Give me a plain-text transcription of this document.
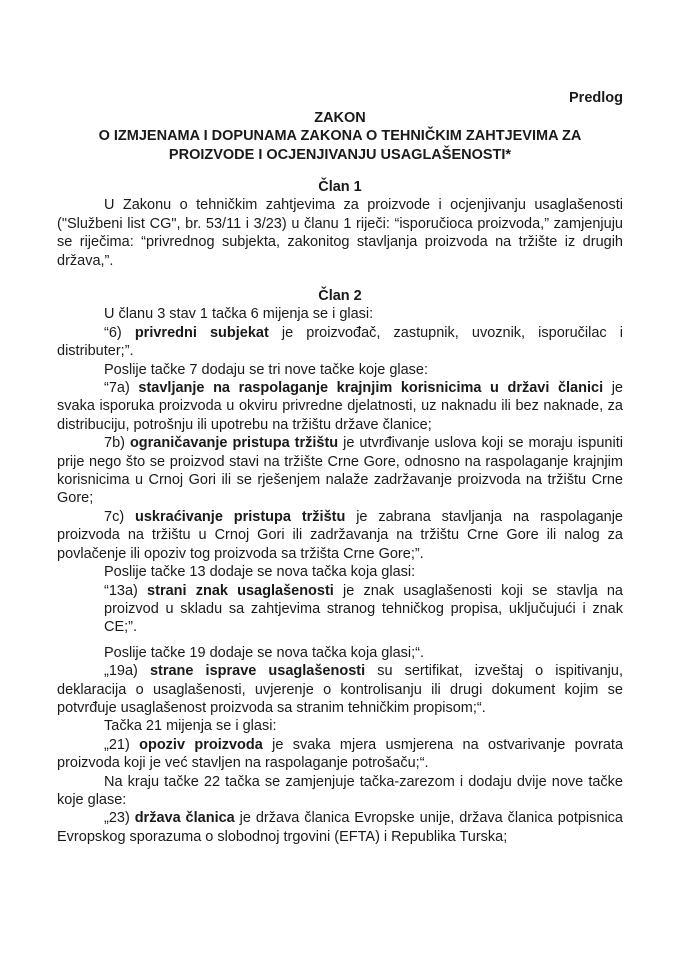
Predlog
ZAKON
O IZMJENAMA I DOPUNAMA ZAKONA O TEHNIČKIM ZAHTJEVIMA ZA
PROIZVODE I OCJENJIVANJU USAGLAŠENOSTI*
Član 1

U Zakonu o tehničkim zahtjevima za proizvode i ocjenjivanju usaglašenosti ("Službeni list CG", br. 53/11 i 3/23) u članu 1 riječi: “isporučioca proizvoda,” zamjenjuju se riječima: “privrednog subjekta, zakonitog stavljanja proizvoda na tržište iz drugih država,”.

Član 2

U članu 3 stav 1 tačka 6 mijenja se i glasi:

“6) privredni subjekat je proizvođač, zastupnik, uvoznik, isporučilac i distributer;”.

Poslije tačke 7 dodaju se tri nove tačke koje glase:

“7a) stavljanje na raspolaganje krajnjim korisnicima u državi članici je svaka isporuka proizvoda u okviru privredne djelatnosti, uz naknadu ili bez naknade, za distribuciju, potrošnju ili upotrebu na tržištu države članice;

7b) ograničavanje pristupa tržištu je utvrđivanje uslova koji se moraju ispuniti prije nego što se proizvod stavi na tržište Crne Gore, odnosno na raspolaganje krajnjim korisnicima u Crnoj Gori ili se rješenjem nalaže zadržavanje proizvoda na tržištu Crne Gore;

7c) uskraćivanje pristupa tržištu je zabrana stavljanja na raspolaganje proizvoda na tržištu u Crnoj Gori ili zadržavanja na tržištu Crne Gore ili nalog za povlačenje ili opoziv tog proizvoda sa tržišta Crne Gore;”.

Poslije tačke 13 dodaje se nova tačka koja glasi:

“13a) strani znak usaglašenosti je znak usaglašenosti koji se stavlja na proizvod u skladu sa zahtjevima stranog tehničkog propisa, uključujući i znak CE;”.

Poslije tačke 19 dodaje se nova tačka koja glasi;“.

„19a) strane isprave usaglašenosti su sertifikat, izveštaj o ispitivanju, deklaracija o usaglašenosti, uvjerenje o kontrolisanju ili drugi dokument kojim se potvrđuje usaglašenost proizvoda sa stranim tehničkim propisom;“.

Tačka 21 mijenja se i glasi:

„21) opoziv proizvoda je svaka mjera usmjerena na ostvarivanje povrata proizvoda koji je već stavljen na raspolaganje potrošaču;“.

Na kraju tačke 22 tačka se zamjenjuje tačka-zarezom i dodaju dvije nove tačke koje glase:

„23) država članica je država članica Evropske unije, država članica potpisnica Evropskog sporazuma o slobodnoj trgovini (EFTA) i Republika Turska;
